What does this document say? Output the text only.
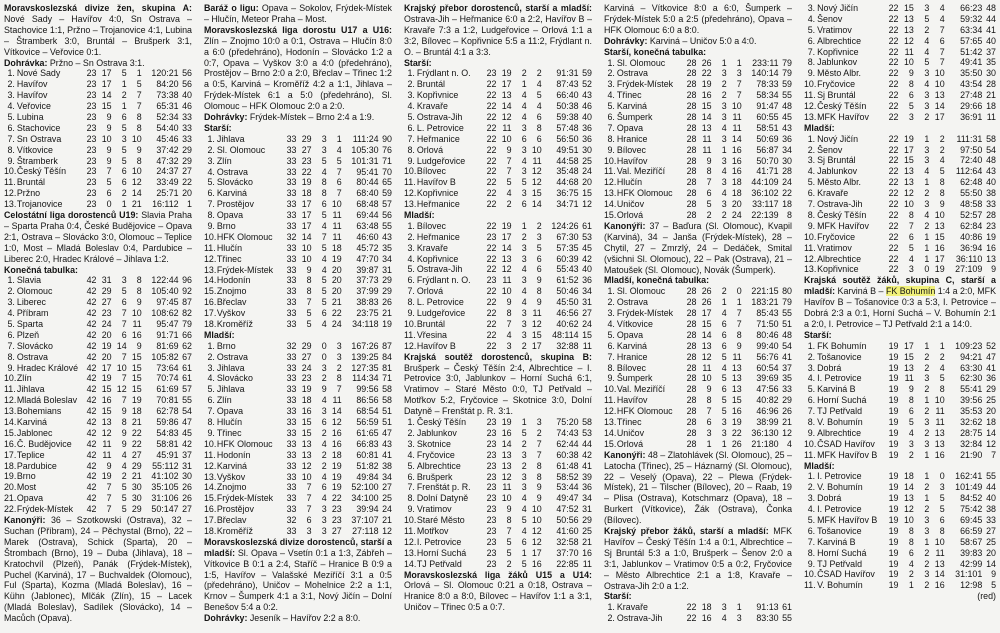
Moravskoslezská divize žen, skupina A: Nové Sady – Havířov 4:0, Sn Ostrava – Stachovice 1:1, Pržno – Trojanovice 4:1, Lubina – Štramberk 3:0, Bruntál – Brušperk 3:1, Vítkovice – Veřovice 0:1.

Dohrávka: Pržno – Sn Ostrava 3:1.

1. Nové Sady	23 17	5	1	120:21 56
2. Havířov	23 17	1	5	84:20 56
3. Havířov	23 14	2	7	73:38 40
4. Veřovice	23 15	1	7	65:31 46
5. Lubina	23	9	6	8	52:34 33
6. Stachovice	23	9	5	8	54:40 33
7. Sn Ostrava	23 10	3 10	45:46 33
8. Vítkovice	23	9	5	9	37:42 29
9. Štramberk	23	9	5	8	47:32 29
10. Český Těšín	23	7	6 10	24:37 27
11. Bruntál	23	5	6 12	33:49 22
12. Pržno	23	6	2 14	25:71 20
13. Trojanovice	23	0	1 21	16:112 1

Celostátní liga dorostenců U19: Slavia Praha – Sparta Praha 0:4, České Budějovice – Opava 2:1, Ostrava – Slovácko 3:0, Olomouc – Teplice 1:0, Most – Mladá Boleslav 0:4, Pardubice – Liberec 2:0, Hradec Králové – Jihlava 1:2.

Konečná tabulka:

1. Slavia	42 31	3	8	122:44 96
2. Olomouc	42 29	5	8	105:40 92
3. Liberec	42 27	6	9	97:45 87
4. Příbram	42 23	7 10	108:62 82
5. Sparta	42 24	7 11	95:47 79
6. Plzeň	42 20	6 16	91:71 66
7. Slovácko	42 19 14	9	81:69 62
8. Ostrava	42 20	7 15	105:82 67
9. Hradec Králové 42 17 10 15	73:64 61
10. Zlín	42 19	7 15	70:74 61
11. Jihlava	42 15 12 15	61:69 57
12. Mladá Boleslav	42 16	7 19	70:81 55
13. Bohemians	42 15	9 18	62:78 54
14. Karviná	42 13	8 21	59:86 47
15. Jablonec	42 12	9 22	54:83 45
16. Č. Budějovice	42 11	9 22	58:81 42
17. Teplice	42 11	4 27	45:91 37
18. Pardubice	42	9	4 29	55:112 31
19. Brno	42 19	2 21	41:102 30
20. Most	42	7	5 30	35:105 26
21. Opava	42	7	5 30	31:106 26
22. Frýdek-Místek	42	7	5 29	50:147 27

Kanonýři: 36 – Szotkowski (Ostrava), 32 – Suchan (Příbram), 24 – Pěchystal (Brno), 22 – Marek (Ostrava), Schick (Sparta), 20 – Štrombach (Brno), 19 – Duba (Jihlava), 18 – Kratochvíl (Plzeň), Panák (Frýdek-Místek), Puchel (Karviná), 17 – Buchvaldek (Olomouc), Ful (Sparta), Kozma (Mladá Boleslav), 16 – Kühn (Jablonec), Mlčák (Zlín), 15 – Lacek (Mladá Boleslav), Sadílek (Slovácko), 14 – Macůch (Opava).

Baráž o ligu: Opava – Sokolov, Frýdek-Místek – Hlučín, Meteor Praha – Most.

Moravskoslezská liga dorostu U17 a U16: Zlín – Znojmo 10:0 a 0:1, Ostrava – Hlučín 8:0 a 6:0 (předehráno), Hodonín – Slovácko 1:2 a 0:7, Opava – Vyškov 3:0 a 4:0 (předehráno), Prostějov – Brno 2:0 a 2:0, Břeclav – Třinec 1:2 a 0:5, Karviná – Kroměříž 4:2 a 1:1, Jihlava – Frýdek-Místek 6:1 a 5:0 (předehráno), Sl. Olomouc – HFK Olomouc 2:0 a 2:0.

Dohrávky: Frýdek-Místek – Brno 2:4 a 1:9.

Starší:

1. Jihlava	33 29	3	1	111:24 90
2. Sl. Olomouc	33 27	3	4	105:30 76
3. Zlín	33 23	5	5	101:31 71
4. Ostrava	33 22	4	7	95:41 70
5. Slovácko	33 19	8	6	80:44 65
6. Karviná	33 18	8	7	68:40 59
7. Prostějov	33 17	6 10	68:48 57
8. Opava	33 17	5 11	69:44 56
9. Brno	33 17	4 11	63:48 55
10. HFK Olomouc	32 14	7 11	46:60 43
11. Hlučín	33 10	5 18	45:72 35
12. Třinec	33 10	4 19	47:70 34
13. Frýdek-Místek	33	9	4 20	39:87 31
14. Hodonín	33	8	5 20	37:73 29
15. Znojmo	33	8	5 20	37:99 29
16. Břeclav	33	7	5 21	38:83 26
17. Vyškov	33	5	6 22	23:75 21
18. Kroměříž	33	5	4 24	34:118 19

Mladší:

1. Brno	32 29	0	3	167:26 87
2. Ostrava	33 27	0	3	139:25 84
3. Jihlava	33 24	3	2	127:35 81
4. Slovácko	33 23	2	8	114:34 71
5. Jihlava	33 19	9	7	99:56 58
6. Zlín	33 18	4 11	86:56 58
7. Opava	33 16	3 14	68:54 51
8. Hlučín	33 15	6 12	56:59 51
9. Třinec	33 15	2 16	61:65 47
10. HFK Olomouc	33 13	4 16	66:83 43
11. Hodonín	33 13	2 18	60:81 41
12. Karviná	33 12	2 19	51:82 38
13. Vyškov	33 10	4 19	49:84 34
14. Znojmo	33	7	6 19	52:100 27
15. Frýdek-Místek	33	7	4 22	34:100 25
16. Prostějov	33	7	3 23	39:94 24
17. Břeclav	32	6	3 23	37:107 21
18. Kroměříž	33	3	3 27	27:118 12

Moravskoslezská divize dorostenců, starší a mladší: Sl. Opava – Vsetín 0:1 a 1:3, Zábřeh – Vítkovice B 0:1 a 2:4, Staříč – Hranice B 0:9 a 1:5, Havířov – Valašské Meziříčí 3:1 a 0:5 (předehráno), Uničov – Mohelnice 2:2 a 1:1, Krnov – Šumperk 4:1 a 3:1, Nový Jičín – Dolní Benešov 5:4 a 0:2.

Dohrávky: Jeseník – Havířov 2:2 a 8:0.

Krajský přebor dorostenců, starší a mladší: Ostrava-Jih – Heřmanice 6:0 a 2:2, Havířov B – Kravaře 7:3 a 1:2, Ludgeřovice – Orlová 1:1 a 3:2, Bílovec – Kopřivnice 5:5 a 11:2, Frýdlant n. O. – Bruntál 4:1 a 3:3.

Starší:

1. Frýdlant n. O.	23 19	2	2	91:31 59
2. Bruntál	22 17	1	4	87:43 52
3. Kopřivnice	22 13	4	5	66:40 43
4. Kravaře	22 14	4	4	50:38 46
5. Ostrava-Jih	22 12	4	6	59:38 40
6. L. Petrovice	22 11	3	8	57:48 36
7. Heřmanice	22 10	6	6	56:50 36
8. Orlová	22	9	3 10	49:51 30
9. Ludgeřovice	22	7	4 11	44:58 25
10. Bílovec	22	7	3 12	35:48 24
11. Havířov B	22	5	5 12	44:68 20
12. Kopřivnice	22	4	3 15	36:75 15
13. Heřmanice	22	2	6 14	34:71 12

Mladší:

1. Bílovec	22 19	1	2	124:26 61
2. Heřmanice	23 17	2	3	67:30 53
3. Kravaře	22 14	3	5	57:35 45
4. Kopřivnice	22 13	3	6	60:39 42
5. Ostrava-Jih	22 12	4	6	55:43 40
6. Frýdlant n. O.	23 11	3	9	61:52 36
7. Orlová	22 10	4	8	50:46 34
8. L. Petrovice	22	9	4	9	45:50 31
9. Ludgeřovice	22	8	3 11	46:56 27
10. Bruntál	22	7	3 12	40:62 24
11. Vřesina	22	4	3 15	48:114 15
12. Havířov B	22	3	2 17	32:88 11

Krajská soutěž dorostenců, skupina B: Brušperk – Český Těšín 2:4, Albrechtice – I. Petrovice 3:0, Jablunkov – Horní Suchá 6:1, Vratimov – Staré Město 0:0, TJ Petřvald – Motřkov 5:2, Fryčovice – Skotnice 3:0, Dolní Datyně – Frenštát p. R. 3:1.

1. Český Těšín	23 19	1	3	75:20 58
2. Jablunkov	23 16	5	2	74:43 53
3. Skotnice	23 14	2	7	62:44 44
4. Fryčovice	23 13	3	7	60:38 42
5. Albrechtice	23 13	2	8	61:48 41
6. Brušperk	23 12	3	8	58:52 39
7. Frenštát p. R.	23 11	3	9	53:44 36
8. Dolní Datyně	23 10	4	9	49:47 34
9. Vratimov	23	9	4 10	47:52 31
10. Staré Město	23	8	5 10	50:56 29
11. Motřkov	23	7	4 12	41:60 25
12. I. Petrovice	23	5	6 12	32:58 21
13. Horní Suchá	23	5	1 17	37:70 16
14. TJ Petřvald	23	2	5 16	22:85 11

Moravskoslezská liga žáků U15 a U14: Orlová – Sl. Olomouc 0:21 a 0:18, Ostrava – Hranice 8:0 a 8:0, Bílovec – Havířov 1:1 a 3:1, Uničov – Třinec 0:5 a 0:7.

Karviná – Vítkovice 8:0 a 6:0, Šumperk – Frýdek-Místek 5:0 a 2:5 (předehráno), Opava – HFK Olomouc 6:0 a 8:0.

Dohrávky: Karviná – Uničov 5:0 a 4:0.

Starší, konečná tabulka:

1. Sl. Olomouc	28 26	1	1	233:11 79
2. Ostrava	28 22	3	3	140:14 79
3. Frýdek-Místek	28 19	2	7	78:33 59
4. Třinec	28 16	2	7	58:34 55
5. Karviná	28 15	3 10	91:47 48
6. Šumperk	28 14	3 11	60:55 45
7. Opava	28 13	4 11	58:51 43
8. Hranice	28 11	3 14	50:69 36
9. Bílovec	28 11	1 16	56:87 34
10. Havířov	28	9	3 16	50:70 30
11. Val. Meziříčí	28	8	4 16	41:71 28
12. Hlučín	28	7	3 18	44:109 24
13. HFK Olomouc	28	6	4 18	36:102 22
14. Uničov	28	5	3 20	33:117 18
15. Orlová	28	2	2 24	22:139 8

Kanonýři: 37 – Baďura (Sl. Olomouc), Kvapil (Karviná), 34 – Janša (Frýdek-Místek), 28 – Chytil, 27 – Zmrzlý, 24 – Dedáček, Smital (všichni Sl. Olomouc), 22 – Pak (Ostrava), 21 – Matoušek (Sl. Olomouc), Novák (Šumperk).

Mladší, konečná tabulka:

1. Sl. Olomouc	28 26	2	0	221:15 80
2. Ostrava	28 26	1	1	183:21 79
3. Frýdek-Místek	28 17	4	7	85:43 55
4. Vítkovice	28 15	6	7	71:50 51
5. Opava	28 14	6	8	80:46 48
6. Karviná	28 13	6	9	99:40 54
7. Hranice	28 12	5 11	56:76 41
8. Bílovec	28 11	4 13	60:54 37
9. Šumperk	28 10	5 13	39:69 35
10. Val. Meziříčí	28	9	6 13	47:56 33
11. Havířov	28	8	5 15	40:82 29
12. HFK Olomouc	28	7	5 16	46:96 26
13. Třinec	28	6	3 19	38:99 21
14. Uničov	28	3	3 22	36:130 12
15. Orlová	28	1	1 26	21:180 4

Kanonýři: 48 – Zlatohlávek (Sl. Olomouc), 25 – Latocha (Třinec), 25 – Háznarný (Sl. Olomouc), 22 – Veselý (Opava), 22 – Plewa (Frýdek-Místek), 21 – Tilscher (Bílovec), 20 – Raab, 19 – Plisa (Ostrava), Kotschmarz (Opava), 18 – Burkert (Vítkovice), Žák (Ostrava), Čonka (Bílovec).

Krajský přebor žáků, starší a mladší: MFK Havířov – Český Těšín 1:4 a 0:1, Albrechtice – Sj Bruntál 5:3 a 1:0, Brušperk – Šenov 2:0 a 3:1, Jablunkov – Vratimov 0:5 a 0:2, Fryčovice – Město Albrechtice 2:1 a 1:8, Kravaře – Ostrava-Jih 2:0 a 1:2.

Starší:

1. Kravaře	22 18	3	1	91:13 61
2. Ostrava-Jih	22 16	4	3	83:30 55
3. Nový Jičín	22 15	3	4	66:23 48
4. Šenov	22 13	5	4	59:32 44
5. Vratimov	22 13	2	7	63:34 41
6. Albrechtice	22 12	4	6	57:65 40
7. Kopřivnice	22 11	4	7	51:42 37
8. Jablunkov	22 10	5	7	49:41 35
9. Město Albr.	22	9	3 10	35:50 30
10. Fryčovice	22	8	4 10	43:54 28
11. Sj Bruntál	22	6	3 13	27:48 21
12. Český Těšín	22	5	3 14	29:66 18
13. MFK Havířov	22	3	2 17	36:91 11

Mladší:

1. Nový Jičín	22 19	1	2	111:31 58
2. Šenov	22 17	3	2	97:50 54
3. Sj Bruntál	22 15	3	4	72:40 48
4. Jablunkov	22 13	4	5	112:64 43
5. Město Albr.	22 13	1	8	62:48 40
6. Kravaře	22 12	2	8	55:50 38
7. Ostrava-Jih	22 10	3	9	48:58 33
8. Český Těšín	22	8	4 10	52:57 28
9. MFK Havířov	22	7	2 13	62:84 23
10. Fryčovice	22	6	1 15	40:86 19
11. Vratimov	22	5	1 16	36:94 16
12. Albrechtice	22	4	1 17	36:110 13
13. Kopřivnice	22	3	0 19	27:109 9

Krajská soutěž žáků, skupina C, starší a mladší: Karviná B – FK Bohumín 1:4 a 2:0, MFK Havířov B – Tošanovice 0:3 a 5:3, I. Petrovice – Dobrá 2:3 a 0:1, Horní Suchá – V. Bohumín 2:1 a 2:0, I. Petrovice – TJ Petřvald 2:1 a 14:0.

Starší:

1. FK Bohumín	19 17	1	1	109:23 52
2. Tošanovice	19 15	2	2	94:21 47
3. Dobrá	19 13	2	4	63:30 41
4. I. Petrovice	19 11	3	5	62:30 36
5. Karviná B	19	9	2	8	55:41 29
6. Horní Suchá	19	8	1 10	39:56 25
7. TJ Petřvald	19	6	2 11	35:53 20
8. V. Bohumín	19	5	3 11	32:62 18
9. Albrechtice	19	4	2 13	28:75 14
10. ČSAD Havířov	19	3	3 13	32:84 12
11. MFK Havířov B	19	2	1 16	21:90 7

Mladší:

1. I. Petrovice	19 18	1	0	162:41 55
2. V. Bohumín	19 14	2	3	101:49 44
3. Dobrá	19 13	1	5	84:52 40
4. I. Petrovice	19 12	2	5	75:42 38
5. MFK Havířov B	19 10	3	6	69:45 33
6. Tošanovice	19	8	3	8	66:59 27
7. Karviná B	19	8	1 10	58:67 25
8. Horní Suchá	19	6	2 11	39:83 20
9. TJ Petřvald	19	4	2 13	42:99 14
10. ČSAD Havířov	19	2	3 14	31:101 9
11. V. Bohumín	19	1	2 16	12:98 5

(red)
